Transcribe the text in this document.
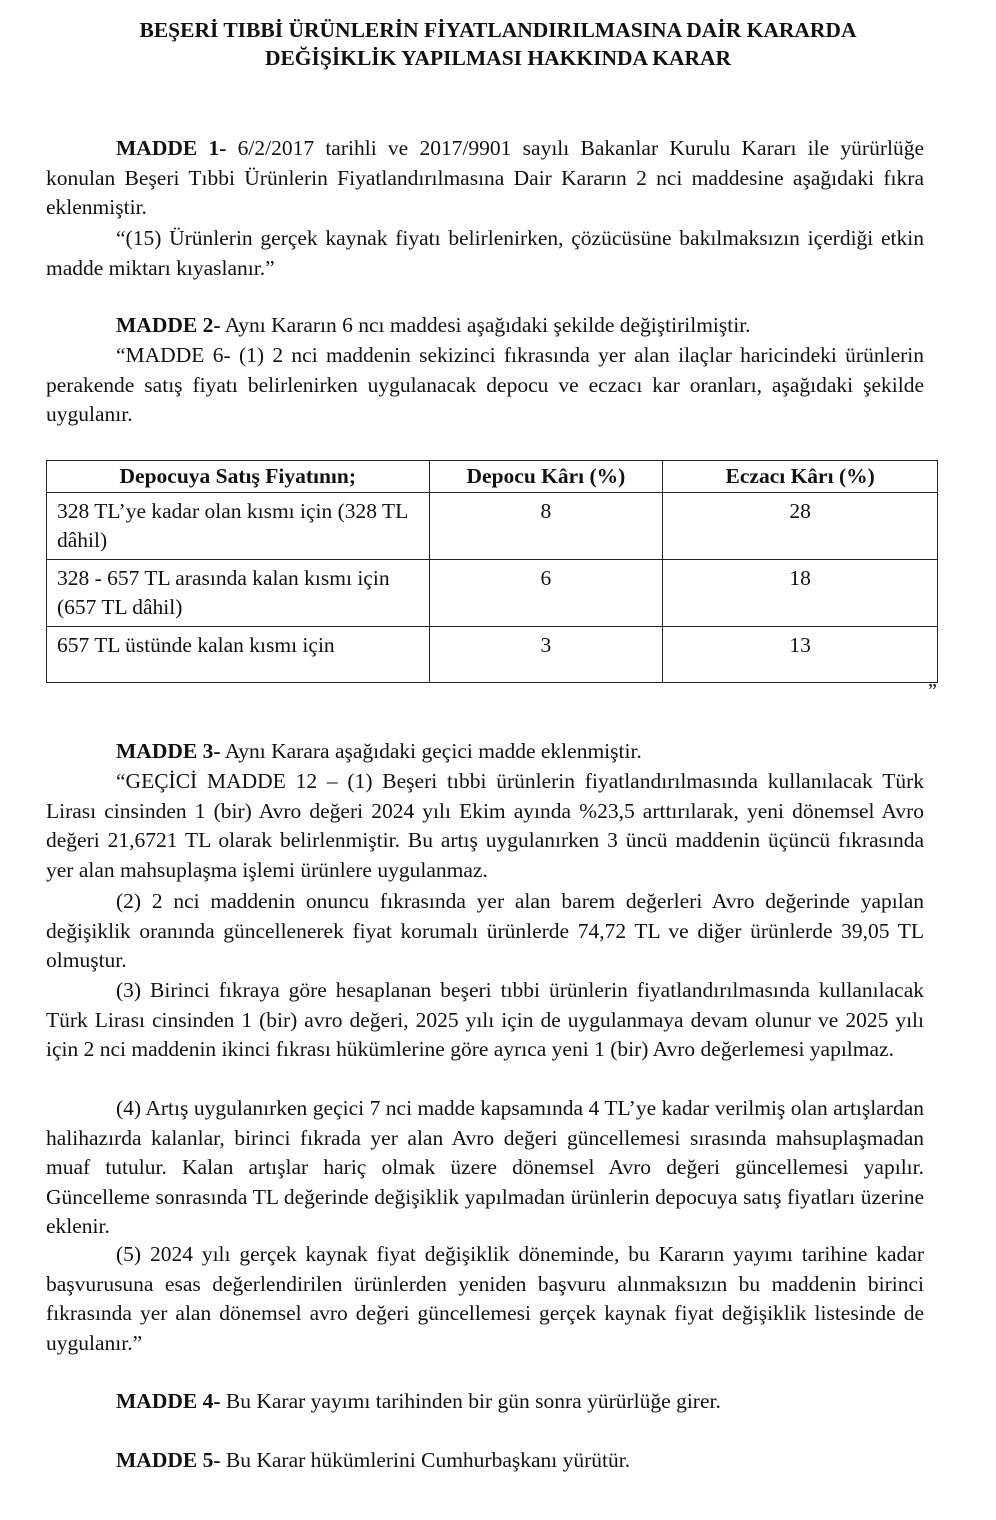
BEŞERİ TIBBİ ÜRÜNLERİN FİYATLANDIRILMASINA DAİR KARARDA
DEĞİŞİKLİK YAPILMASI HAKKINDA KARAR
MADDE 1- 6/2/2017 tarihli ve 2017/9901 sayılı Bakanlar Kurulu Kararı ile yürürlüğe konulan Beşeri Tıbbi Ürünlerin Fiyatlandırılmasına Dair Kararın 2 nci maddesine aşağıdaki fıkra eklenmiştir.
“(15) Ürünlerin gerçek kaynak fiyatı belirlenirken, çözücüsüne bakılmaksızın içerdiği etkin madde miktarı kıyaslanır.”
MADDE 2- Aynı Kararın 6 ncı maddesi aşağıdaki şekilde değiştirilmiştir.
“MADDE 6- (1) 2 nci maddenin sekizinci fıkrasında yer alan ilaçlar haricindeki ürünlerin perakende satış fiyatı belirlenirken uygulanacak depocu ve eczacı kar oranları, aşağıdaki şekilde uygulanır.
Depocuya Satış Fiyatının;	Depocu Kârı (%)	Eczacı Kârı (%)
328 TL’ye kadar olan kısmı için (328 TL dâhil)	8	28
328 - 657 TL arasında kalan kısmı için (657 TL dâhil)	6	18
657 TL üstünde kalan kısmı için	3	13
”
MADDE 3- Aynı Karara aşağıdaki geçici madde eklenmiştir.
“GEÇİCİ MADDE 12 – (1) Beşeri tıbbi ürünlerin fiyatlandırılmasında kullanılacak Türk Lirası cinsinden 1 (bir) Avro değeri 2024 yılı Ekim ayında %23,5 arttırılarak, yeni dönemsel Avro değeri 21,6721 TL olarak belirlenmiştir. Bu artış uygulanırken 3 üncü maddenin üçüncü fıkrasında yer alan mahsuplaşma işlemi ürünlere uygulanmaz.
(2) 2 nci maddenin onuncu fıkrasında yer alan barem değerleri Avro değerinde yapılan değişiklik oranında güncellenerek fiyat korumalı ürünlerde 74,72 TL ve diğer ürünlerde 39,05 TL olmuştur.
(3) Birinci fıkraya göre hesaplanan beşeri tıbbi ürünlerin fiyatlandırılmasında kullanılacak Türk Lirası cinsinden 1 (bir) avro değeri, 2025 yılı için de uygulanmaya devam olunur ve 2025 yılı için 2 nci maddenin ikinci fıkrası hükümlerine göre ayrıca yeni 1 (bir) Avro değerlemesi yapılmaz.
(4) Artış uygulanırken geçici 7 nci madde kapsamında 4 TL’ye kadar verilmiş olan artışlardan halihazırda kalanlar, birinci fıkrada yer alan Avro değeri güncellemesi sırasında mahsuplaşmadan muaf tutulur. Kalan artışlar hariç olmak üzere dönemsel Avro değeri güncellemesi yapılır. Güncelleme sonrasında TL değerinde değişiklik yapılmadan ürünlerin depocuya satış fiyatları üzerine eklenir.
(5) 2024 yılı gerçek kaynak fiyat değişiklik döneminde, bu Kararın yayımı tarihine kadar başvurusuna esas değerlendirilen ürünlerden yeniden başvuru alınmaksızın bu maddenin birinci fıkrasında yer alan dönemsel avro değeri güncellemesi gerçek kaynak fiyat değişiklik listesinde de uygulanır.”
MADDE 4- Bu Karar yayımı tarihinden bir gün sonra yürürlüğe girer.
MADDE 5- Bu Karar hükümlerini Cumhurbaşkanı yürütür.
